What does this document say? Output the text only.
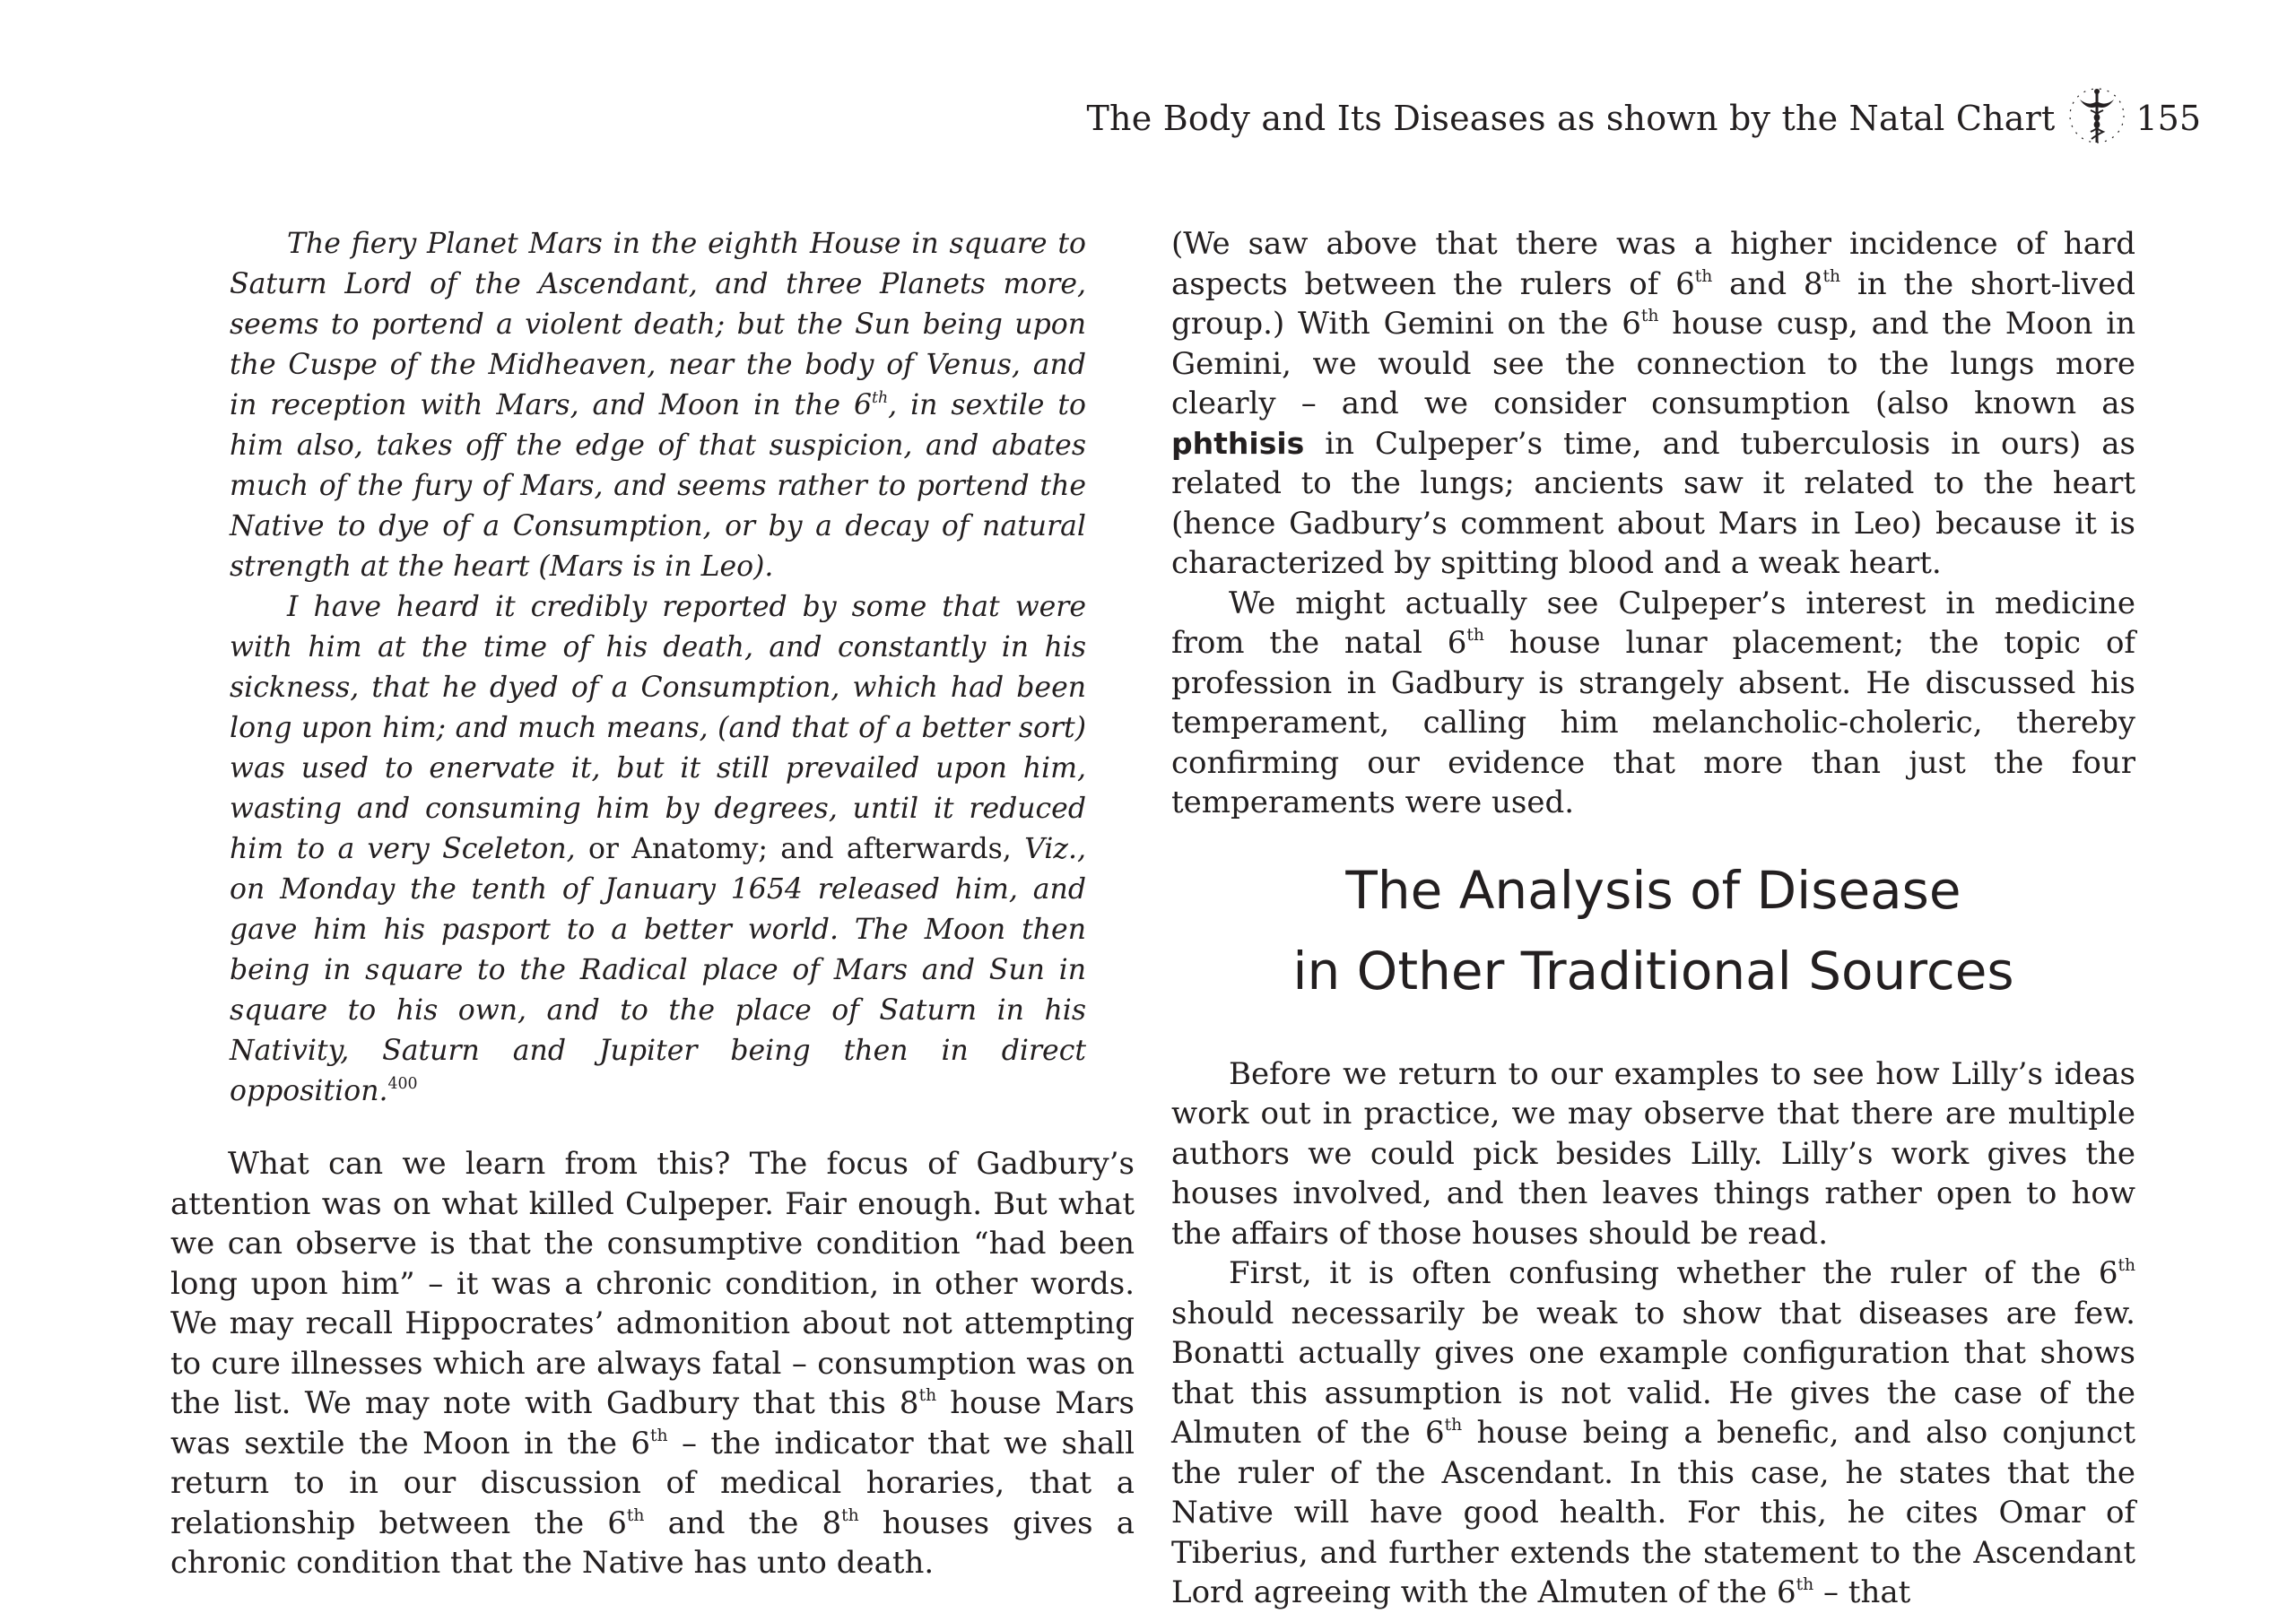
The Body and Its Diseases as shown by the Natal Chart 155

The fiery Planet Mars in the eighth House in square to Saturn Lord of the Ascendant, and three Planets more, seems to portend a violent death; but the Sun being upon the Cuspe of the Midheaven, near the body of Venus, and in reception with Mars, and Moon in the 6th, in sextile to him also, takes off the edge of that suspicion, and abates much of the fury of Mars, and seems rather to portend the Native to dye of a Consumption, or by a decay of natural strength at the heart (Mars is in Leo).

I have heard it credibly reported by some that were with him at the time of his death, and constantly in his sickness, that he dyed of a Consumption, which had been long upon him; and much means, (and that of a better sort) was used to enervate it, but it still prevailed upon him, wasting and consuming him by degrees, until it reduced him to a very Sceleton, or Anatomy; and afterwards, Viz., on Monday the tenth of January 1654 released him, and gave him his pasport to a better world. The Moon then being in square to the Radical place of Mars and Sun in square to his own, and to the place of Saturn in his Nativity, Saturn and Jupiter being then in direct opposition.$^{400}$

What can we learn from this? The focus of Gadbury’s attention was on what killed Culpeper. Fair enough. But what we can observe is that the consumptive condition “had been long upon him” – it was a chronic condition, in other words. We may recall Hippocrates’ admonition about not attempting to cure illnesses which are always fatal – consumption was on the list. We may note with Gadbury that this 8th house Mars was sextile the Moon in the 6th – the indicator that we shall return to in our discussion of medical horaries, that a relationship between the 6th and the 8th houses gives a chronic condition that the Native has unto death.

(We saw above that there was a higher incidence of hard aspects between the rulers of 6th and 8th in the short-lived group.) With Gemini on the 6th house cusp, and the Moon in Gemini, we would see the connection to the lungs more clearly – and we consider consumption (also known as phthisis in Culpeper’s time, and tuberculosis in ours) as related to the lungs; ancients saw it related to the heart (hence Gadbury’s comment about Mars in Leo) because it is characterized by spitting blood and a weak heart.

We might actually see Culpeper’s interest in medicine from the natal 6th house lunar placement; the topic of profession in Gadbury is strangely absent. He discussed his temperament, calling him melancholic-choleric, thereby confirming our evidence that more than just the four temperaments were used.

The Analysis of Disease
in Other Traditional Sources

Before we return to our examples to see how Lilly’s ideas work out in practice, we may observe that there are multiple authors we could pick besides Lilly. Lilly’s work gives the houses involved, and then leaves things rather open to how the affairs of those houses should be read.

First, it is often confusing whether the ruler of the 6th should necessarily be weak to show that diseases are few. Bonatti actually gives one example configuration that shows that this assumption is not valid. He gives the case of the Almuten of the 6th house being a benefic, and also conjunct the ruler of the Ascendant. In this case, he states that the Native will have good health. For this, he cites Omar of Tiberius, and further extends the statement to the Ascendant Lord agreeing with the Almuten of the 6th – that
